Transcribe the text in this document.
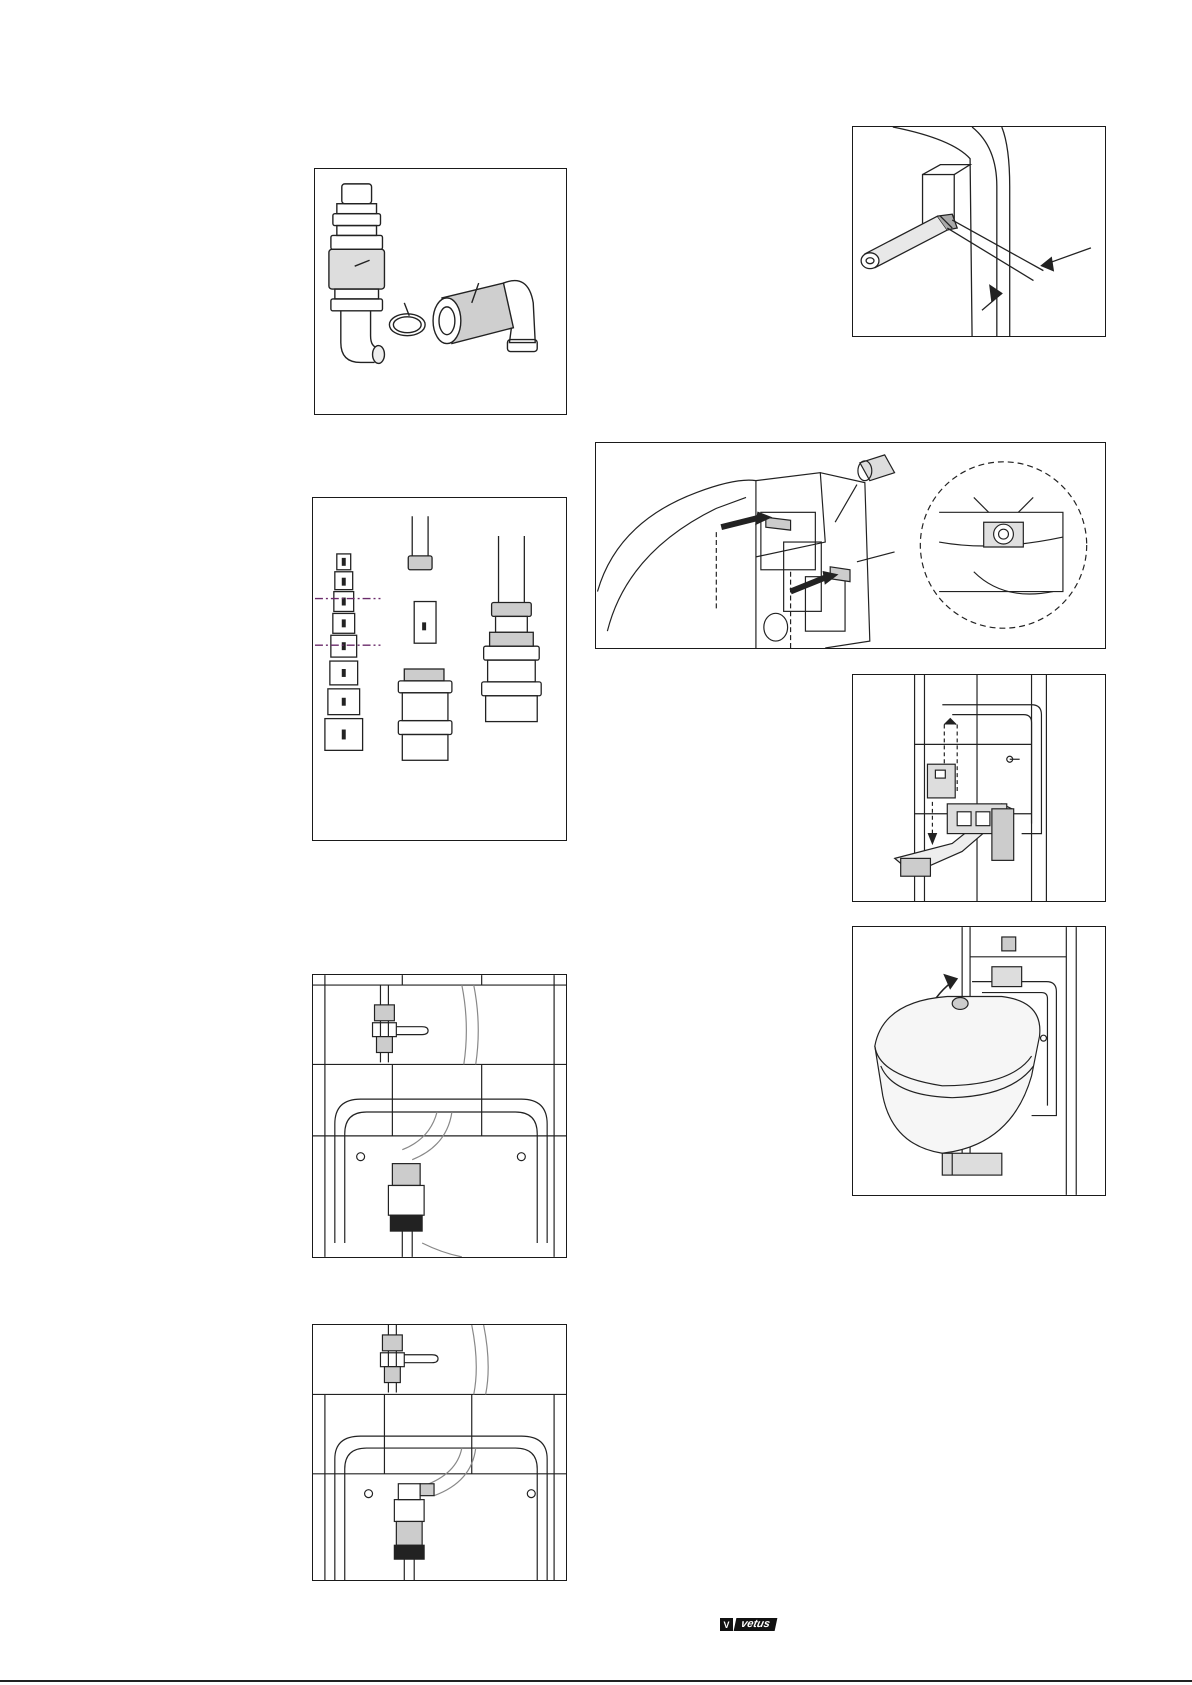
V vetus
